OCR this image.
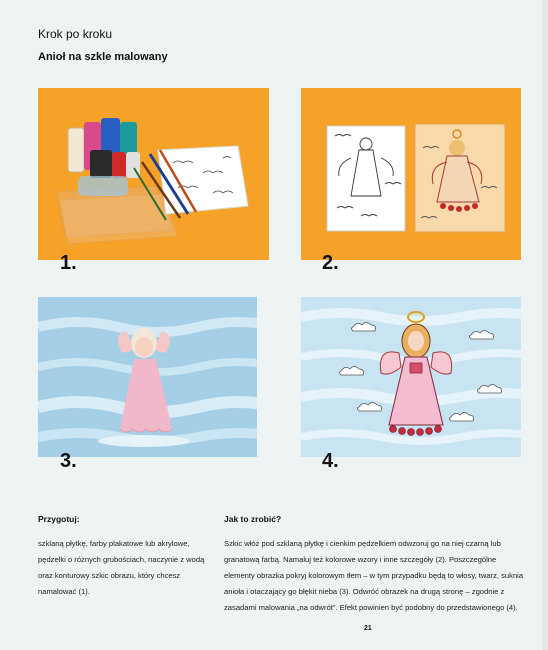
Krok po kroku
Anioł na szkle malowany
1.	2.
3.	4.
Przygotuj:
szklaną płytkę, farby plakatowe lub akrylowe, pędzelki o różnych grubościach, naczynie z wodą oraz konturowy szkic obrazu, który chcesz namalować (1).
Jak to zrobić?
Szkic włóż pod szklaną płytkę i cienkim pędzelkiem odwzoruj go na niej czarną lub granatową farbą. Namaluj też kolorowe wzory i inne szczegóły (2). Poszczególne elementy obrazka pokryj kolorowym tłem – w tym przypadku będą to włosy, twarz, suknia anioła i otaczający go błękit nieba (3). Odwróć obrazek na drugą stronę – zgodnie z zasadami malowania „na odwrót”. Efekt powinien być podobny do przedstawionego (4).
21
